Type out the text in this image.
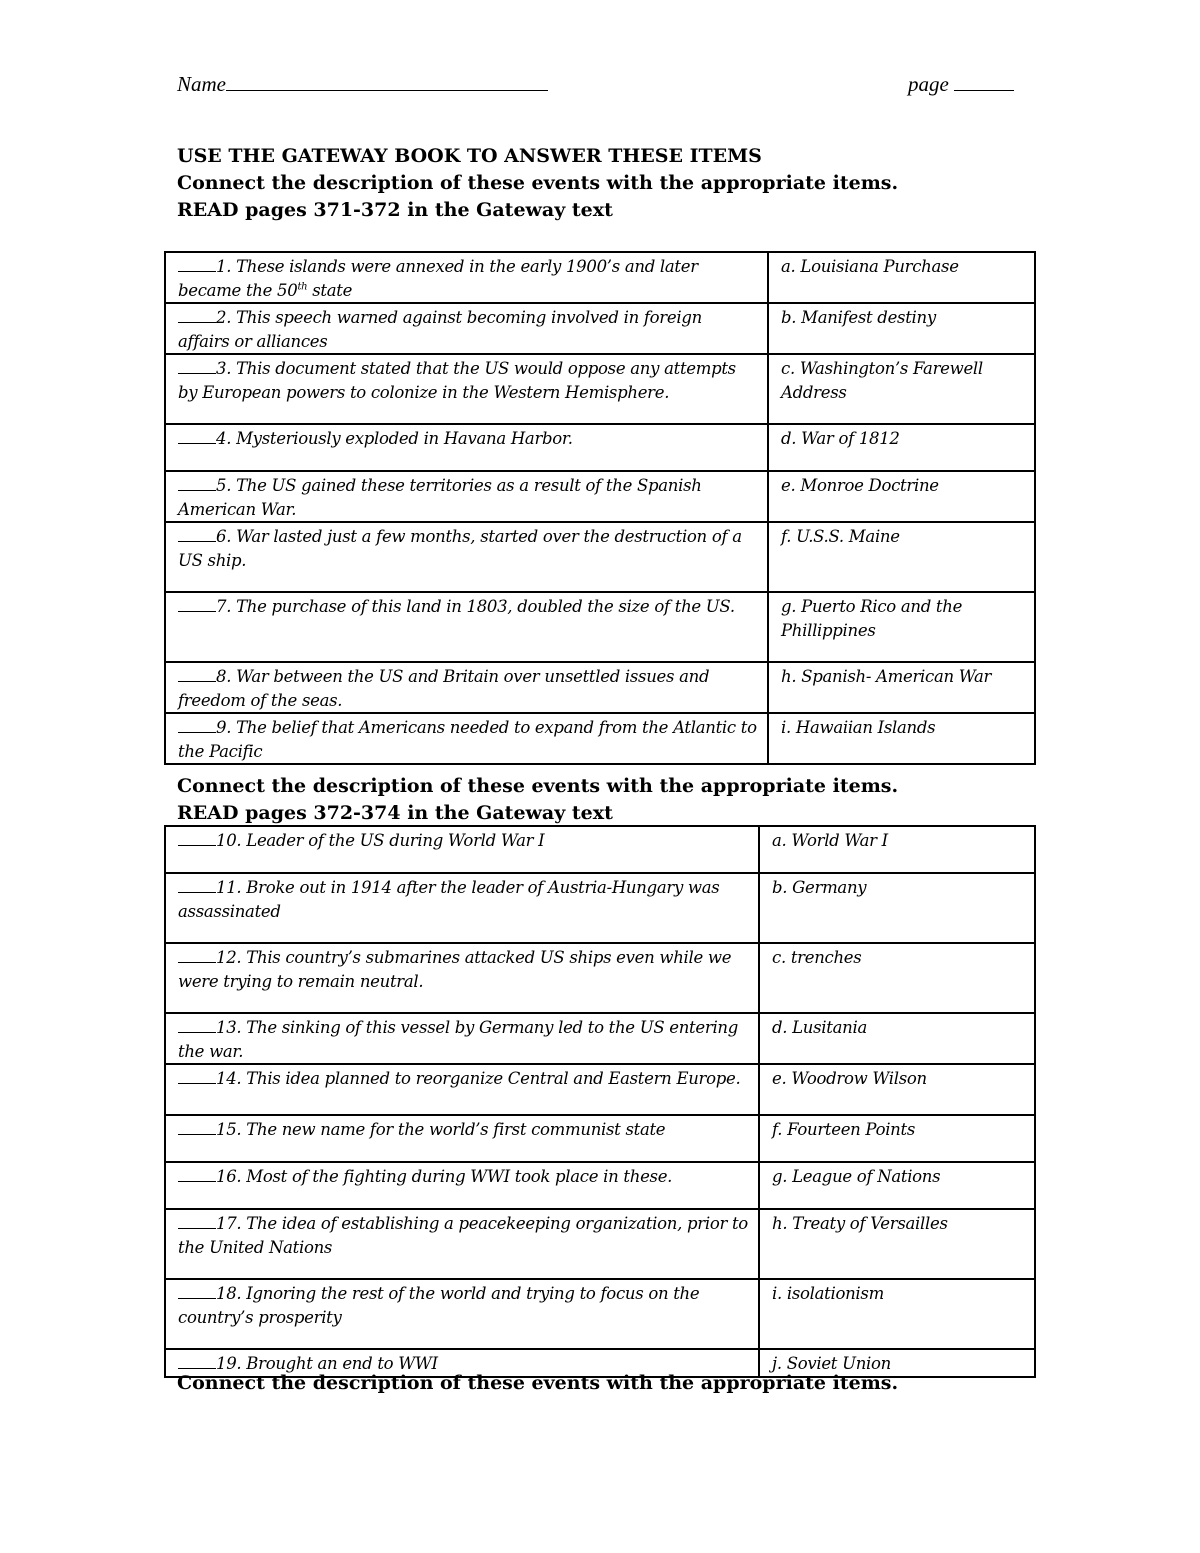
Name	page
USE THE GATEWAY BOOK TO ANSWER THESE ITEMS
Connect the description of these events with the appropriate items.
READ pages 371-372 in the Gateway text
1. These islands were annexed in the early 1900’s and later became the 50th state	a. Louisiana Purchase
2. This speech warned against becoming involved in foreign affairs or alliances	b. Manifest destiny
3. This document stated that the US would oppose any attempts by European powers to colonize in the Western Hemisphere.	c. Washington’s Farewell Address
4. Mysteriously exploded in Havana Harbor.	d. War of 1812
5. The US gained these territories as a result of the Spanish American War.	e. Monroe Doctrine
6. War lasted just a few months, started over the destruction of a US ship.	f. U.S.S. Maine
7. The purchase of this land in 1803, doubled the size of the US.	g. Puerto Rico and the Phillippines
8. War between the US and Britain over unsettled issues and freedom of the seas.	h. Spanish- American War
9. The belief that Americans needed to expand from the Atlantic to the Pacific	i. Hawaiian Islands
Connect the description of these events with the appropriate items.
READ pages 372-374 in the Gateway text
10. Leader of the US during World War I	a. World War I
11. Broke out in 1914 after the leader of Austria-Hungary was assassinated	b. Germany
12. This country’s submarines attacked US ships even while we were trying to remain neutral.	c. trenches
13. The sinking of this vessel by Germany led to the US entering the war.	d. Lusitania
14. This idea planned to reorganize Central and Eastern Europe.	e. Woodrow Wilson
15. The new name for the world’s first communist state	f. Fourteen Points
16. Most of the fighting during WWI took place in these.	g. League of Nations
17. The idea of establishing a peacekeeping organization, prior to the United Nations	h. Treaty of Versailles
18. Ignoring the rest of the world and trying to focus on the country’s prosperity	i. isolationism
19. Brought an end to WWI	j. Soviet Union
Connect the description of these events with the appropriate items.
